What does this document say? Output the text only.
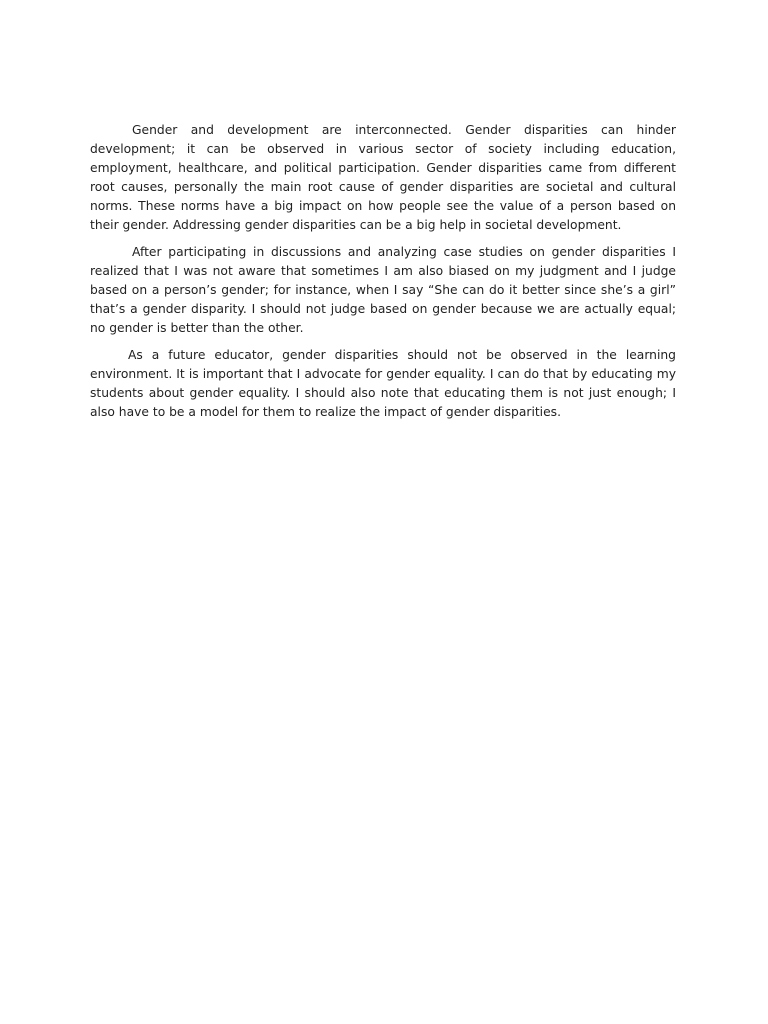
Gender and development are interconnected. Gender disparities can hinder development; it can be observed in various sector of society including education, employment, healthcare, and political participation. Gender disparities came from different root causes, personally the main root cause of gender disparities are societal and cultural norms. These norms have a big impact on how people see the value of a person based on their gender. Addressing gender disparities can be a big help in societal development.

After participating in discussions and analyzing case studies on gender disparities I realized that I was not aware that sometimes I am also biased on my judgment and I judge based on a person’s gender; for instance, when I say “She can do it better since she’s a girl” that’s a gender disparity. I should not judge based on gender because we are actually equal; no gender is better than the other.

As a future educator, gender disparities should not be observed in the learning environment. It is important that I advocate for gender equality. I can do that by educating my students about gender equality. I should also note that educating them is not just enough; I also have to be a model for them to realize the impact of gender disparities.
